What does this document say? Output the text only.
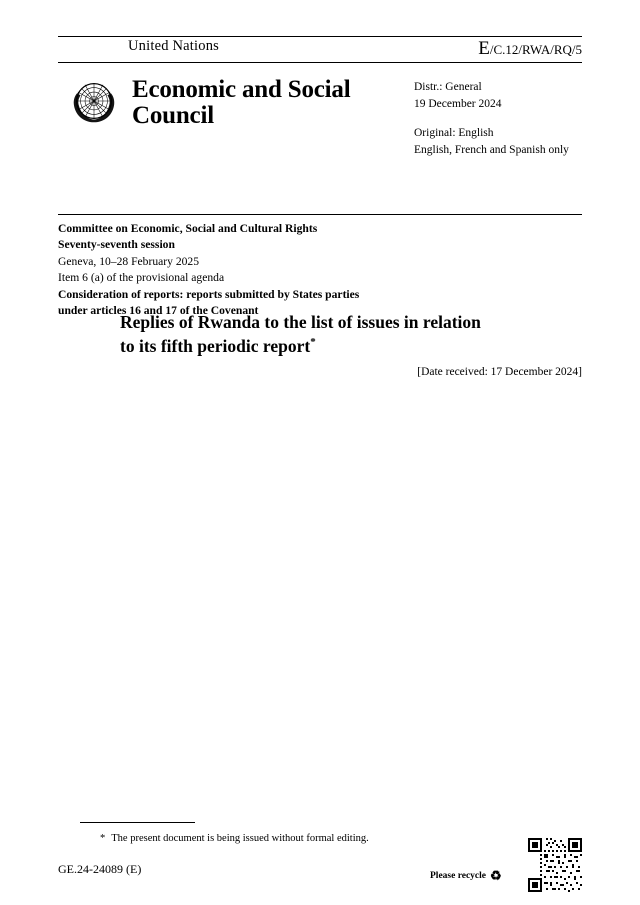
United Nations	E/C.12/RWA/RQ/5
Economic and Social Council
Distr.: General
19 December 2024
Original: English
English, French and Spanish only
Committee on Economic, Social and Cultural Rights
Seventy-seventh session
Geneva, 10–28 February 2025
Item 6 (a) of the provisional agenda
Consideration of reports: reports submitted by States parties
under articles 16 and 17 of the Covenant
Replies of Rwanda to the list of issues in relation
to its fifth periodic report*
[Date received: 17 December 2024]
* The present document is being issued without formal editing.
GE.24-24089 (E)	Please recycle ♻
